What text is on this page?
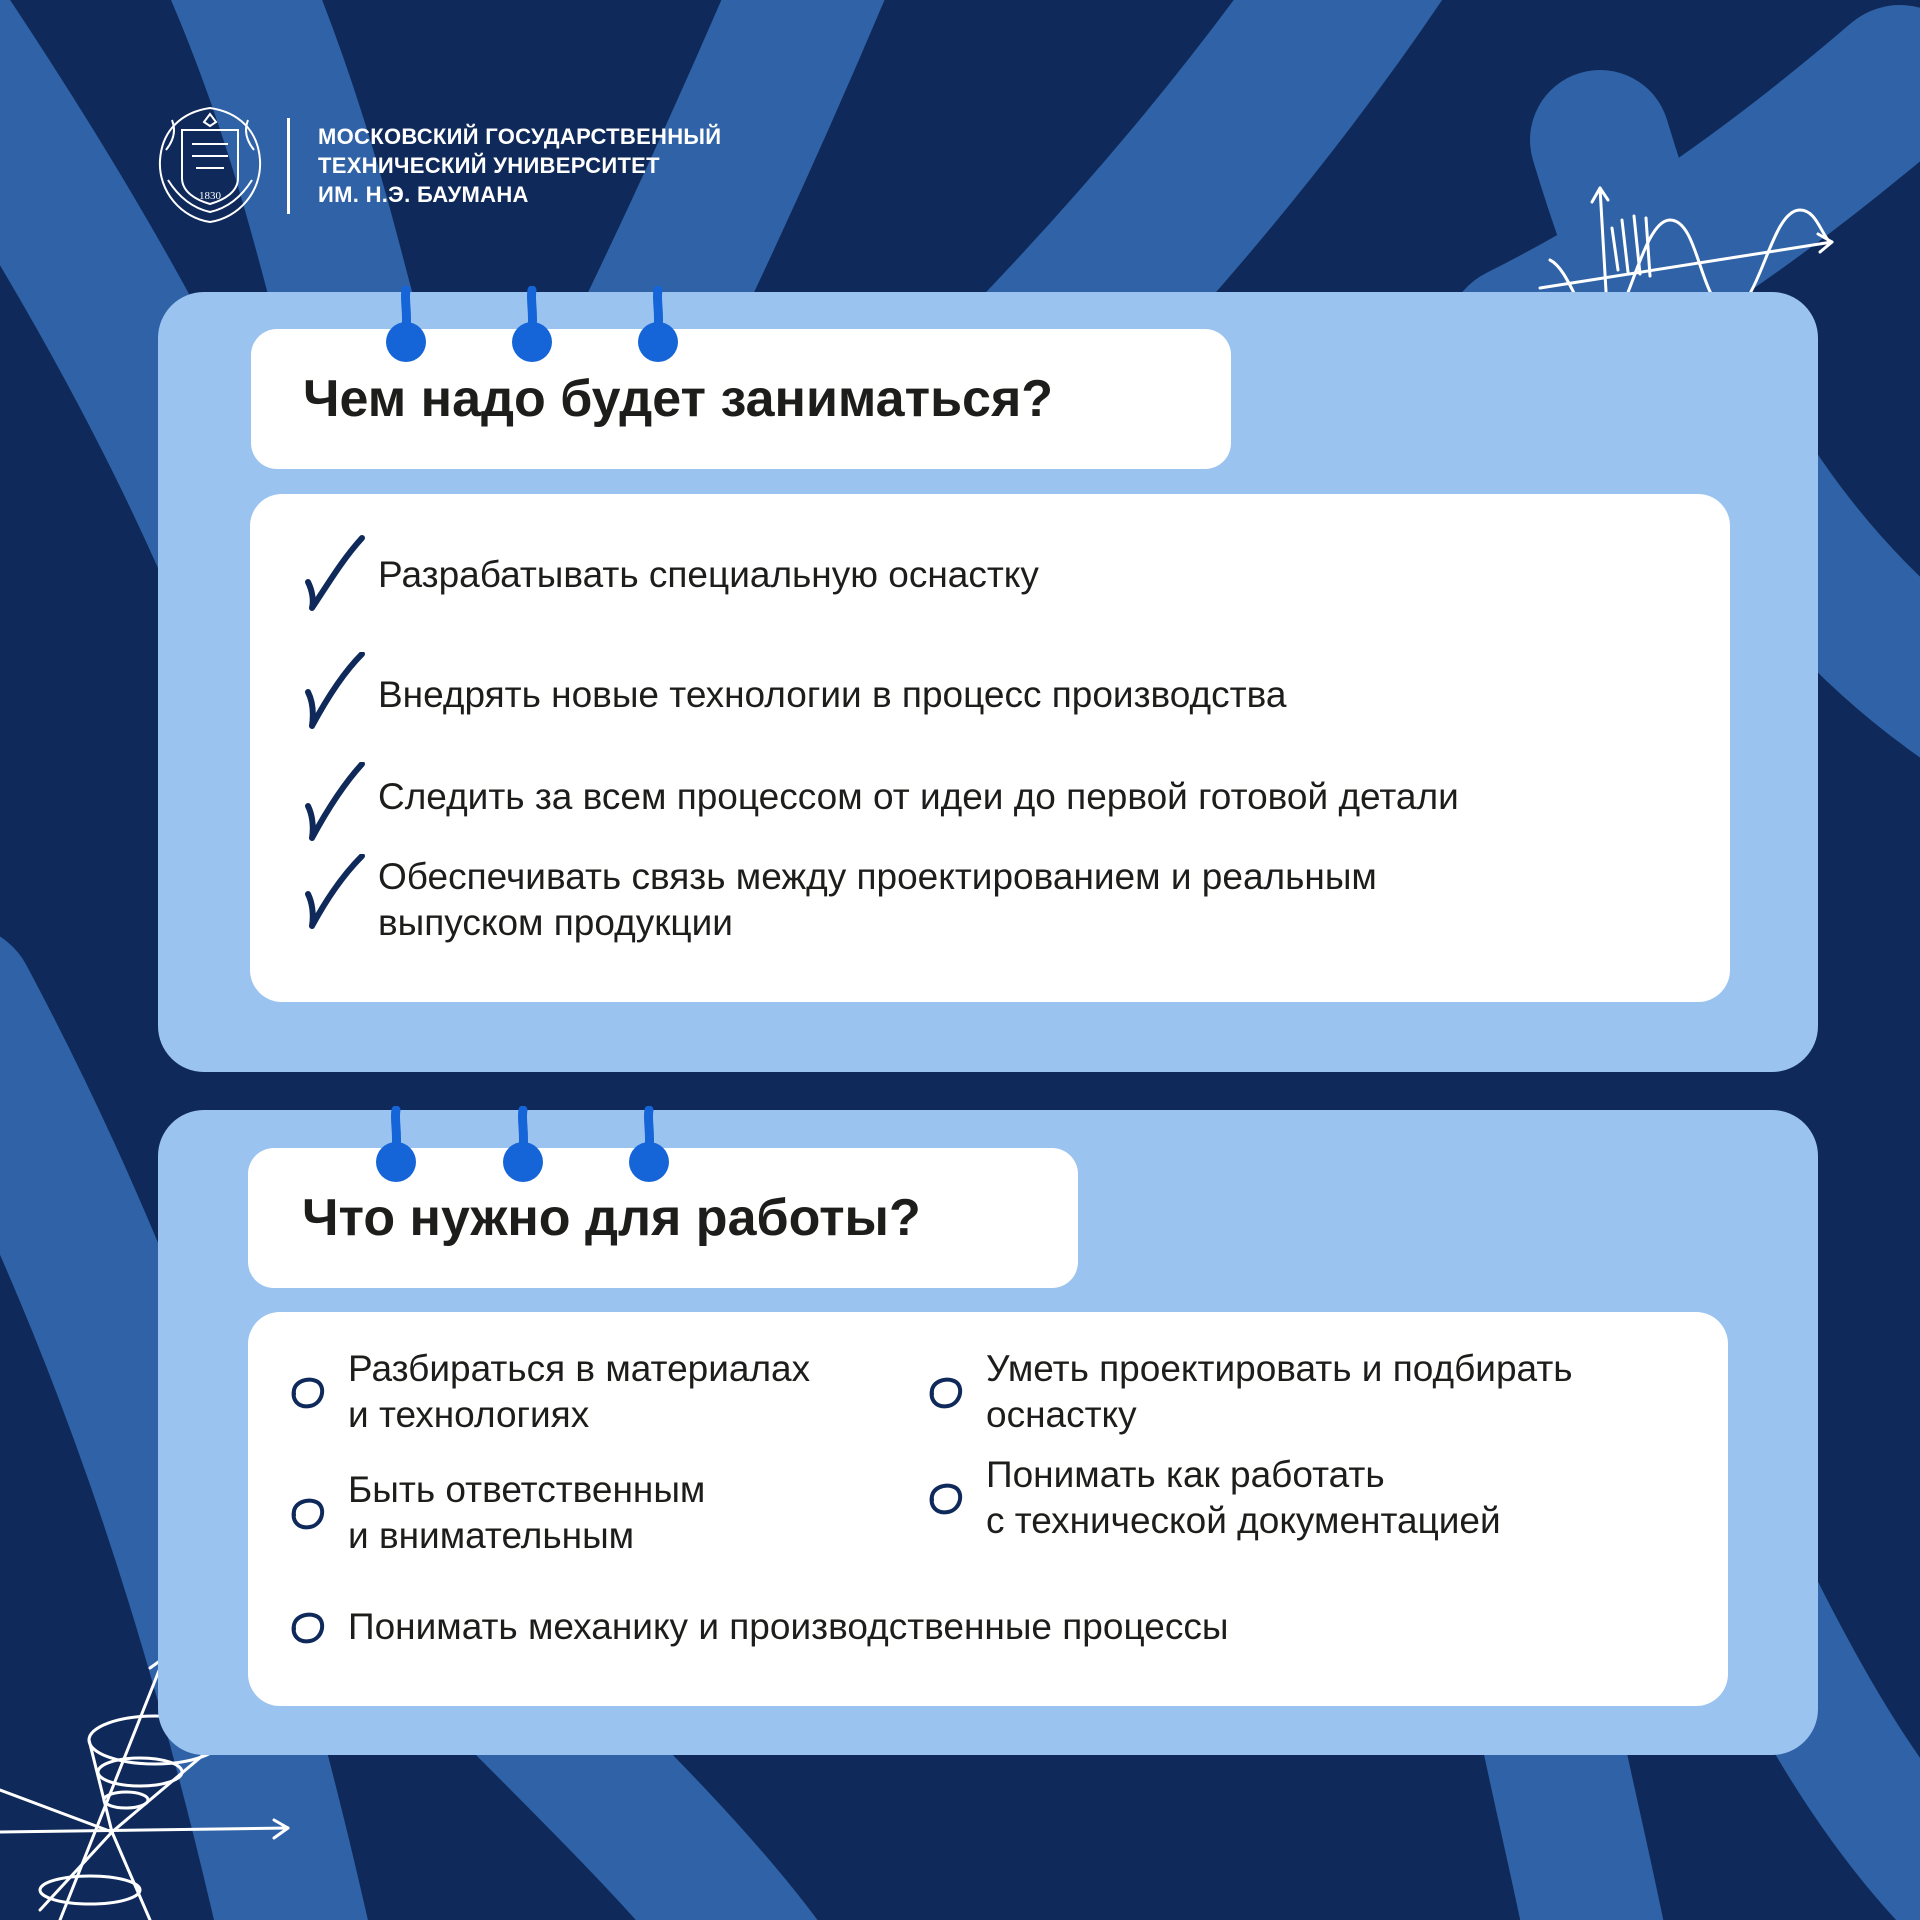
1830
МОСКОВСКИЙ ГОСУДАРСТВЕННЫЙ
ТЕХНИЧЕСКИЙ УНИВЕРСИТЕТ
ИМ. Н.Э. БАУМАНА
Чем надо будет заниматься?
Разрабатывать специальную оснастку
Внедрять новые технологии в процесс производства
Следить за всем процессом от идеи до первой готовой детали
Обеспечивать связь между проектированием и реальным
выпуском продукции
Что нужно для работы?
Разбираться в материалах
и технологиях
Уметь проектировать и подбирать
оснастку
Быть ответственным
и внимательным
Понимать как работать
с технической документацией
Понимать механику и производственные процессы
